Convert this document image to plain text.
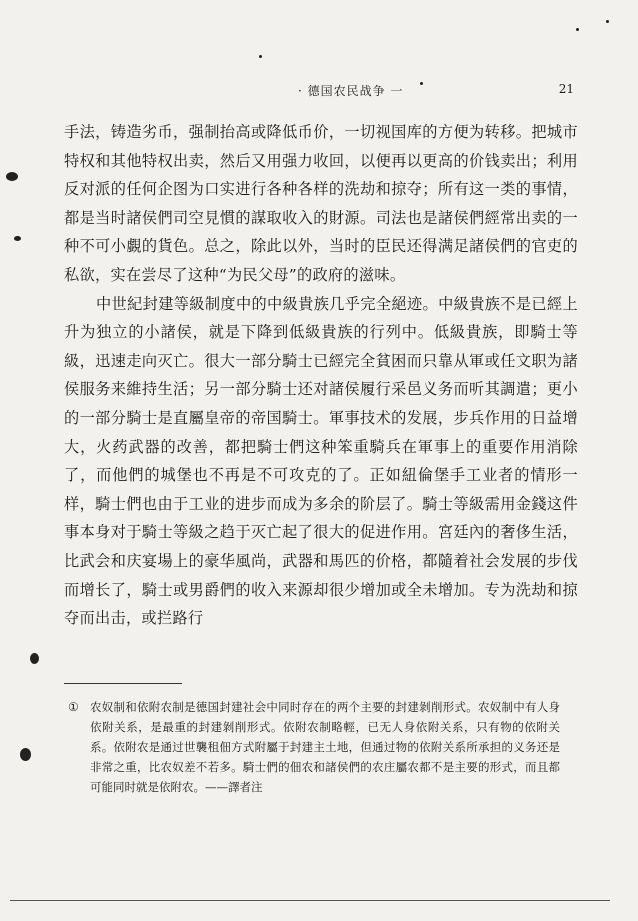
· 德国农民战争 一	21

手法，铸造劣币，强制抬高或降低币价，一切视国库的方便为转移。把城市特权和其他特权出卖，然后又用强力收回，以便再以更高的价钱卖出；利用反对派的任何企图为口实进行各种各样的洗劫和掠夺；所有这一类的事情，都是当时諸侯們司空見慣的謀取收入的財源。司法也是諸侯們經常出卖的一种不可小覷的貨色。总之，除此以外，当时的臣民还得满足諸侯們的官吏的私欲，实在尝尽了这种“为民父母”的政府的滋味。

中世紀封建等級制度中的中級貴族几乎完全絕迹。中級貴族不是已經上升为独立的小諸侯，就是下降到低級貴族的行列中。低級貴族，即騎士等級，迅速走向灭亡。很大一部分騎士已經完全貧困而只靠从軍或任文职为諸侯服务来維持生活；另一部分騎士还对諸侯履行采邑义务而听其調遣；更小的一部分騎士是直屬皇帝的帝国騎士。軍事技术的发展，步兵作用的日益增大，火药武器的改善，都把騎士們这种笨重騎兵在軍事上的重要作用消除了，而他們的城堡也不再是不可攻克的了。正如紐倫堡手工业者的情形一样，騎士們也由于工业的进步而成为多余的阶层了。騎士等級需用金錢这件事本身对于騎士等級之趋于灭亡起了很大的促进作用。宮廷內的奢侈生活，比武会和庆宴場上的豪华風尚，武器和馬匹的价格，都隨着社会发展的步伐而增长了，騎士或男爵們的收入来源却很少增加或全未增加。专为洗劫和掠夺而出击，或拦路行

① 农奴制和依附农制是德国封建社会中同时存在的两个主要的封建剝削形式。农奴制中有人身依附关系，是最重的封建剝削形式。依附农制略輕，已无人身依附关系，只有物的依附关系。依附农是通过世襲租佃方式附屬于封建主土地，但通过物的依附关系所承担的义务还是非常之重，比农奴差不若多。騎士們的佃农和諸侯們的农庄屬农都不是主要的形式，而且都可能同时就是依附农。——譯者注
